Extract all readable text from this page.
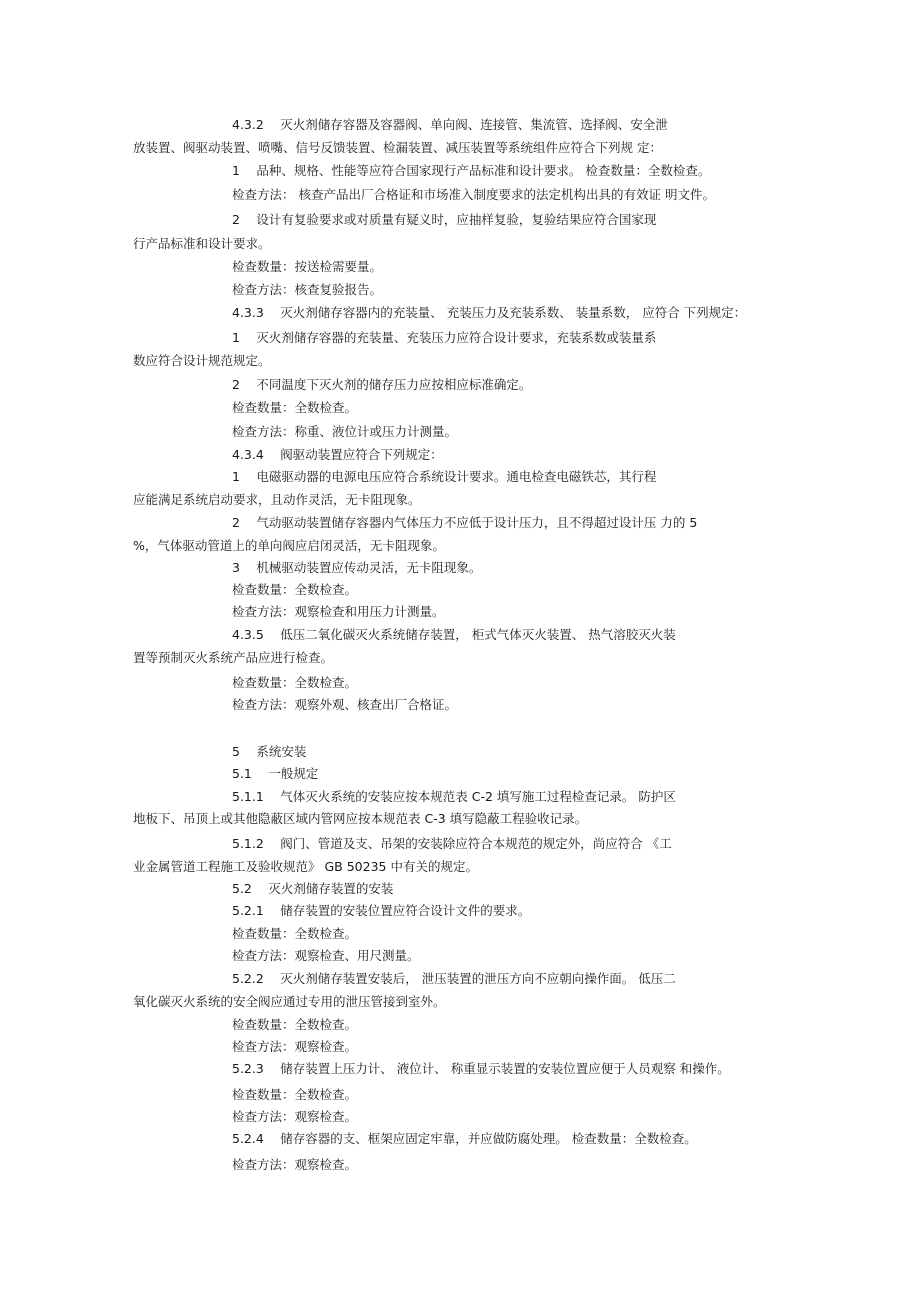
4.3.2　 灭火剂储存容器及容器阀、单向阀、连接管、集流管、选择阀、安全泄
放装置、阀驱动装置、喷嘴、信号反馈装置、检漏装置、减压装置等系统组件应符合下列规 定：
1　 品种、规格、性能等应符合国家现行产品标准和设计要求。 检查数量：全数检查。
检查方法： 核查产品出厂合格证和市场准入制度要求的法定机构出具的有效证 明文件。
2　 设计有复验要求或对质量有疑义时，应抽样复验，复验结果应符合国家现
行产品标准和设计要求。
检查数量：按送检需要量。
检查方法：核查复验报告。
4.3.3　 灭火剂储存容器内的充装量、 充装压力及充装系数、 装量系数， 应符合 下列规定：
1　 灭火剂储存容器的充装量、充装压力应符合设计要求，充装系数或装量系
数应符合设计规范规定。
2　 不同温度下灭火剂的储存压力应按相应标准确定。
检查数量：全数检查。
检查方法：称重、液位计或压力计测量。
4.3.4　 阀驱动装置应符合下列规定：
1　 电磁驱动器的电源电压应符合系统设计要求。通电检查电磁铁芯，其行程
应能满足系统启动要求，且动作灵活，无卡阻现象。
2　 气动驱动装置储存容器内气体压力不应低于设计压力，且不得超过设计压 力的 5
%，气体驱动管道上的单向阀应启闭灵活，无卡阻现象。
3　 机械驱动装置应传动灵活，无卡阻现象。
检查数量：全数检查。
检查方法：观察检查和用压力计测量。
4.3.5　 低压二氧化碳灭火系统储存装置， 柜式气体灭火装置、 热气溶胶灭火装
置等预制灭火系统产品应进行检查。
检查数量：全数检查。
检查方法：观察外观、核查出厂合格证。
5　 系统安装
5.1　 一般规定
5.1.1　 气体灭火系统的安装应按本规范表 C-2 填写施工过程检查记录。 防护区
地板下、吊顶上或其他隐蔽区域内管网应按本规范表 C-3 填写隐蔽工程验收记录。
5.1.2　 阀门、管道及支、吊架的安装除应符合本规范的规定外，尚应符合 《工
业金属管道工程施工及验收规范》 GB 50235 中有关的规定。
5.2　 灭火剂储存装置的安装
5.2.1　 储存装置的安装位置应符合设计文件的要求。
检查数量：全数检查。
检查方法：观察检查、用尺测量。
5.2.2　 灭火剂储存装置安装后， 泄压装置的泄压方向不应朝向操作面。 低压二
氧化碳灭火系统的安全阀应通过专用的泄压管接到室外。
检查数量：全数检查。
检查方法：观察检查。
5.2.3　 储存装置上压力计、 液位计、 称重显示装置的安装位置应便于人员观察 和操作。
检查数量：全数检查。
检查方法：观察检查。
5.2.4　 储存容器的支、框架应固定牢靠，并应做防腐处理。 检查数量：全数检查。
检查方法：观察检查。
